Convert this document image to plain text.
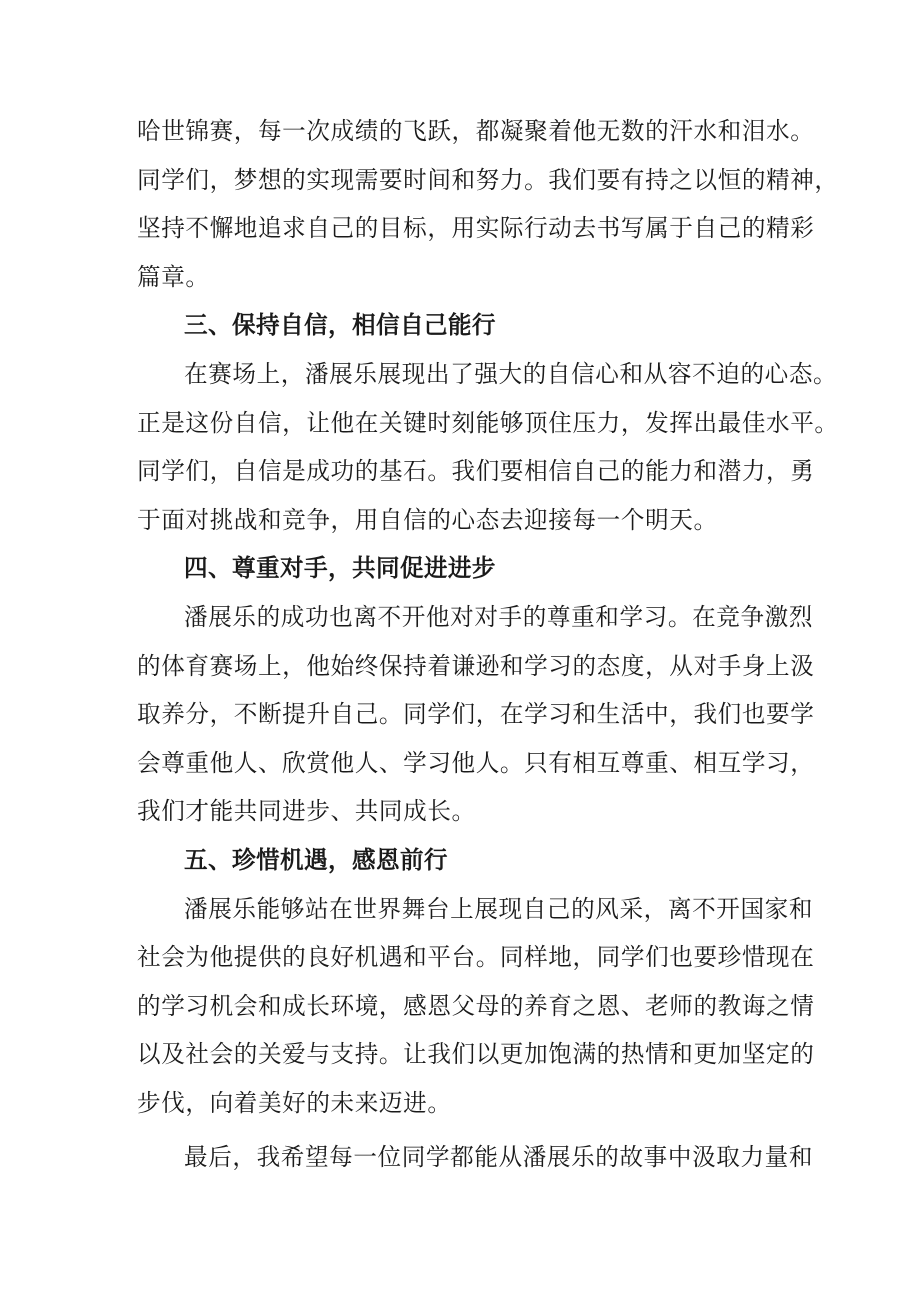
哈世锦赛，每一次成绩的飞跃，都凝聚着他无数的汗水和泪水。
同学们，梦想的实现需要时间和努力。我们要有持之以恒的精神，
坚持不懈地追求自己的目标，用实际行动去书写属于自己的精彩
篇章。

三、保持自信，相信自己能行

在赛场上，潘展乐展现出了强大的自信心和从容不迫的心态。
正是这份自信，让他在关键时刻能够顶住压力，发挥出最佳水平。
同学们，自信是成功的基石。我们要相信自己的能力和潜力，勇
于面对挑战和竞争，用自信的心态去迎接每一个明天。

四、尊重对手，共同促进进步

潘展乐的成功也离不开他对对手的尊重和学习。在竞争激烈
的体育赛场上，他始终保持着谦逊和学习的态度，从对手身上汲
取养分，不断提升自己。同学们，在学习和生活中，我们也要学
会尊重他人、欣赏他人、学习他人。只有相互尊重、相互学习，
我们才能共同进步、共同成长。

五、珍惜机遇，感恩前行

潘展乐能够站在世界舞台上展现自己的风采，离不开国家和
社会为他提供的良好机遇和平台。同样地，同学们也要珍惜现在
的学习机会和成长环境，感恩父母的养育之恩、老师的教诲之情
以及社会的关爱与支持。让我们以更加饱满的热情和更加坚定的
步伐，向着美好的未来迈进。

最后，我希望每一位同学都能从潘展乐的故事中汲取力量和
